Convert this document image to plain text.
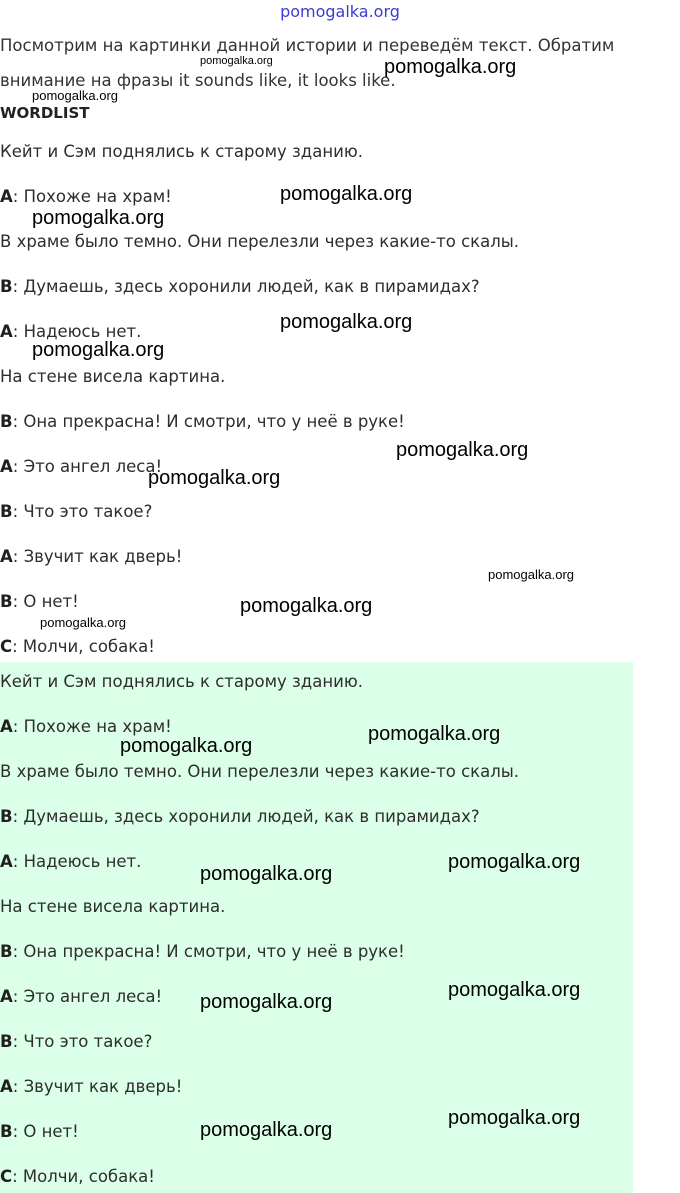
pomogalka.org
Посмотрим на картинки данной истории и переведём текст. Обратим внимание на фразы it sounds like, it looks like.
WORDLIST
Кейт и Сэм поднялись к старому зданию.
A: Похоже на храм!
В храме было темно. Они перелезли через какие-то скалы.
B: Думаешь, здесь хоронили людей, как в пирамидах?
A: Надеюсь нет.
На стене висела картина.
B: Она прекрасна! И смотри, что у неё в руке!
A: Это ангел леса!
B: Что это такое?
A: Звучит как дверь!
B: О нет!
C: Молчи, собака!
Кейт и Сэм поднялись к старому зданию.
A: Похоже на храм!
В храме было темно. Они перелезли через какие-то скалы.
B: Думаешь, здесь хоронили людей, как в пирамидах?
A: Надеюсь нет.
На стене висела картина.
B: Она прекрасна! И смотри, что у неё в руке!
A: Это ангел леса!
B: Что это такое?
A: Звучит как дверь!
B: О нет!
C: Молчи, собака!
pomogalka.org	pomogalka.org
pomogalka.org
pomogalka.org
pomogalka.org
pomogalka.org
pomogalka.org
pomogalka.org
pomogalka.org
pomogalka.org
pomogalka.org
pomogalka.org
pomogalka.org
pomogalka.org
pomogalka.org
pomogalka.org
pomogalka.org
pomogalka.org
pomogalka.org
pomogalka.org
